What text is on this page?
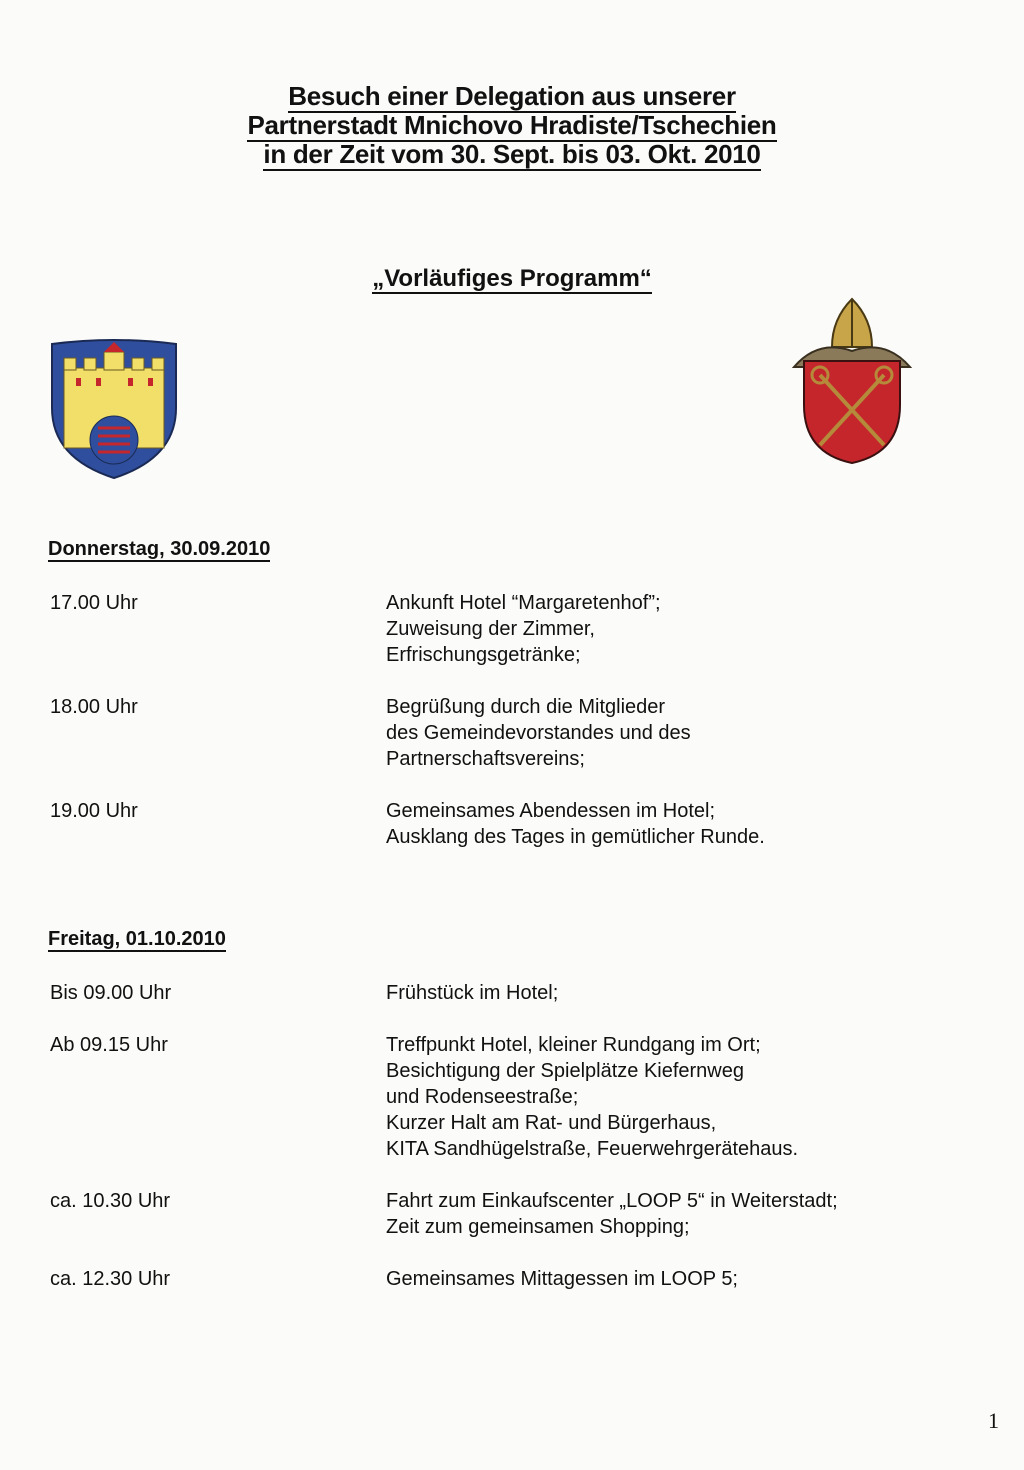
Besuch einer Delegation aus unserer
Partnerstadt Mnichovo Hradiste/Tschechien
in der Zeit vom 30. Sept. bis 03. Okt. 2010
„Vorläufiges Programm“
Donnerstag, 30.09.2010
17.00 Uhr	Ankunft Hotel “Margaretenhof”;
Zuweisung der Zimmer,
Erfrischungsgetränke;
18.00 Uhr	Begrüßung durch die Mitglieder
des Gemeindevorstandes und des
Partnerschaftsvereins;
19.00 Uhr	Gemeinsames Abendessen im Hotel;
Ausklang des Tages in gemütlicher Runde.
Freitag, 01.10.2010
Bis 09.00 Uhr	Frühstück im Hotel;
Ab 09.15 Uhr	Treffpunkt Hotel, kleiner Rundgang im Ort;
Besichtigung der Spielplätze Kiefernweg
und Rodenseestraße;
Kurzer Halt am Rat- und Bürgerhaus,
KITA Sandhügelstraße, Feuerwehrgerätehaus.
ca. 10.30 Uhr	Fahrt zum Einkaufscenter „LOOP 5“ in Weiterstadt;
Zeit zum gemeinsamen Shopping;
ca. 12.30 Uhr	Gemeinsames Mittagessen im LOOP 5;
1
